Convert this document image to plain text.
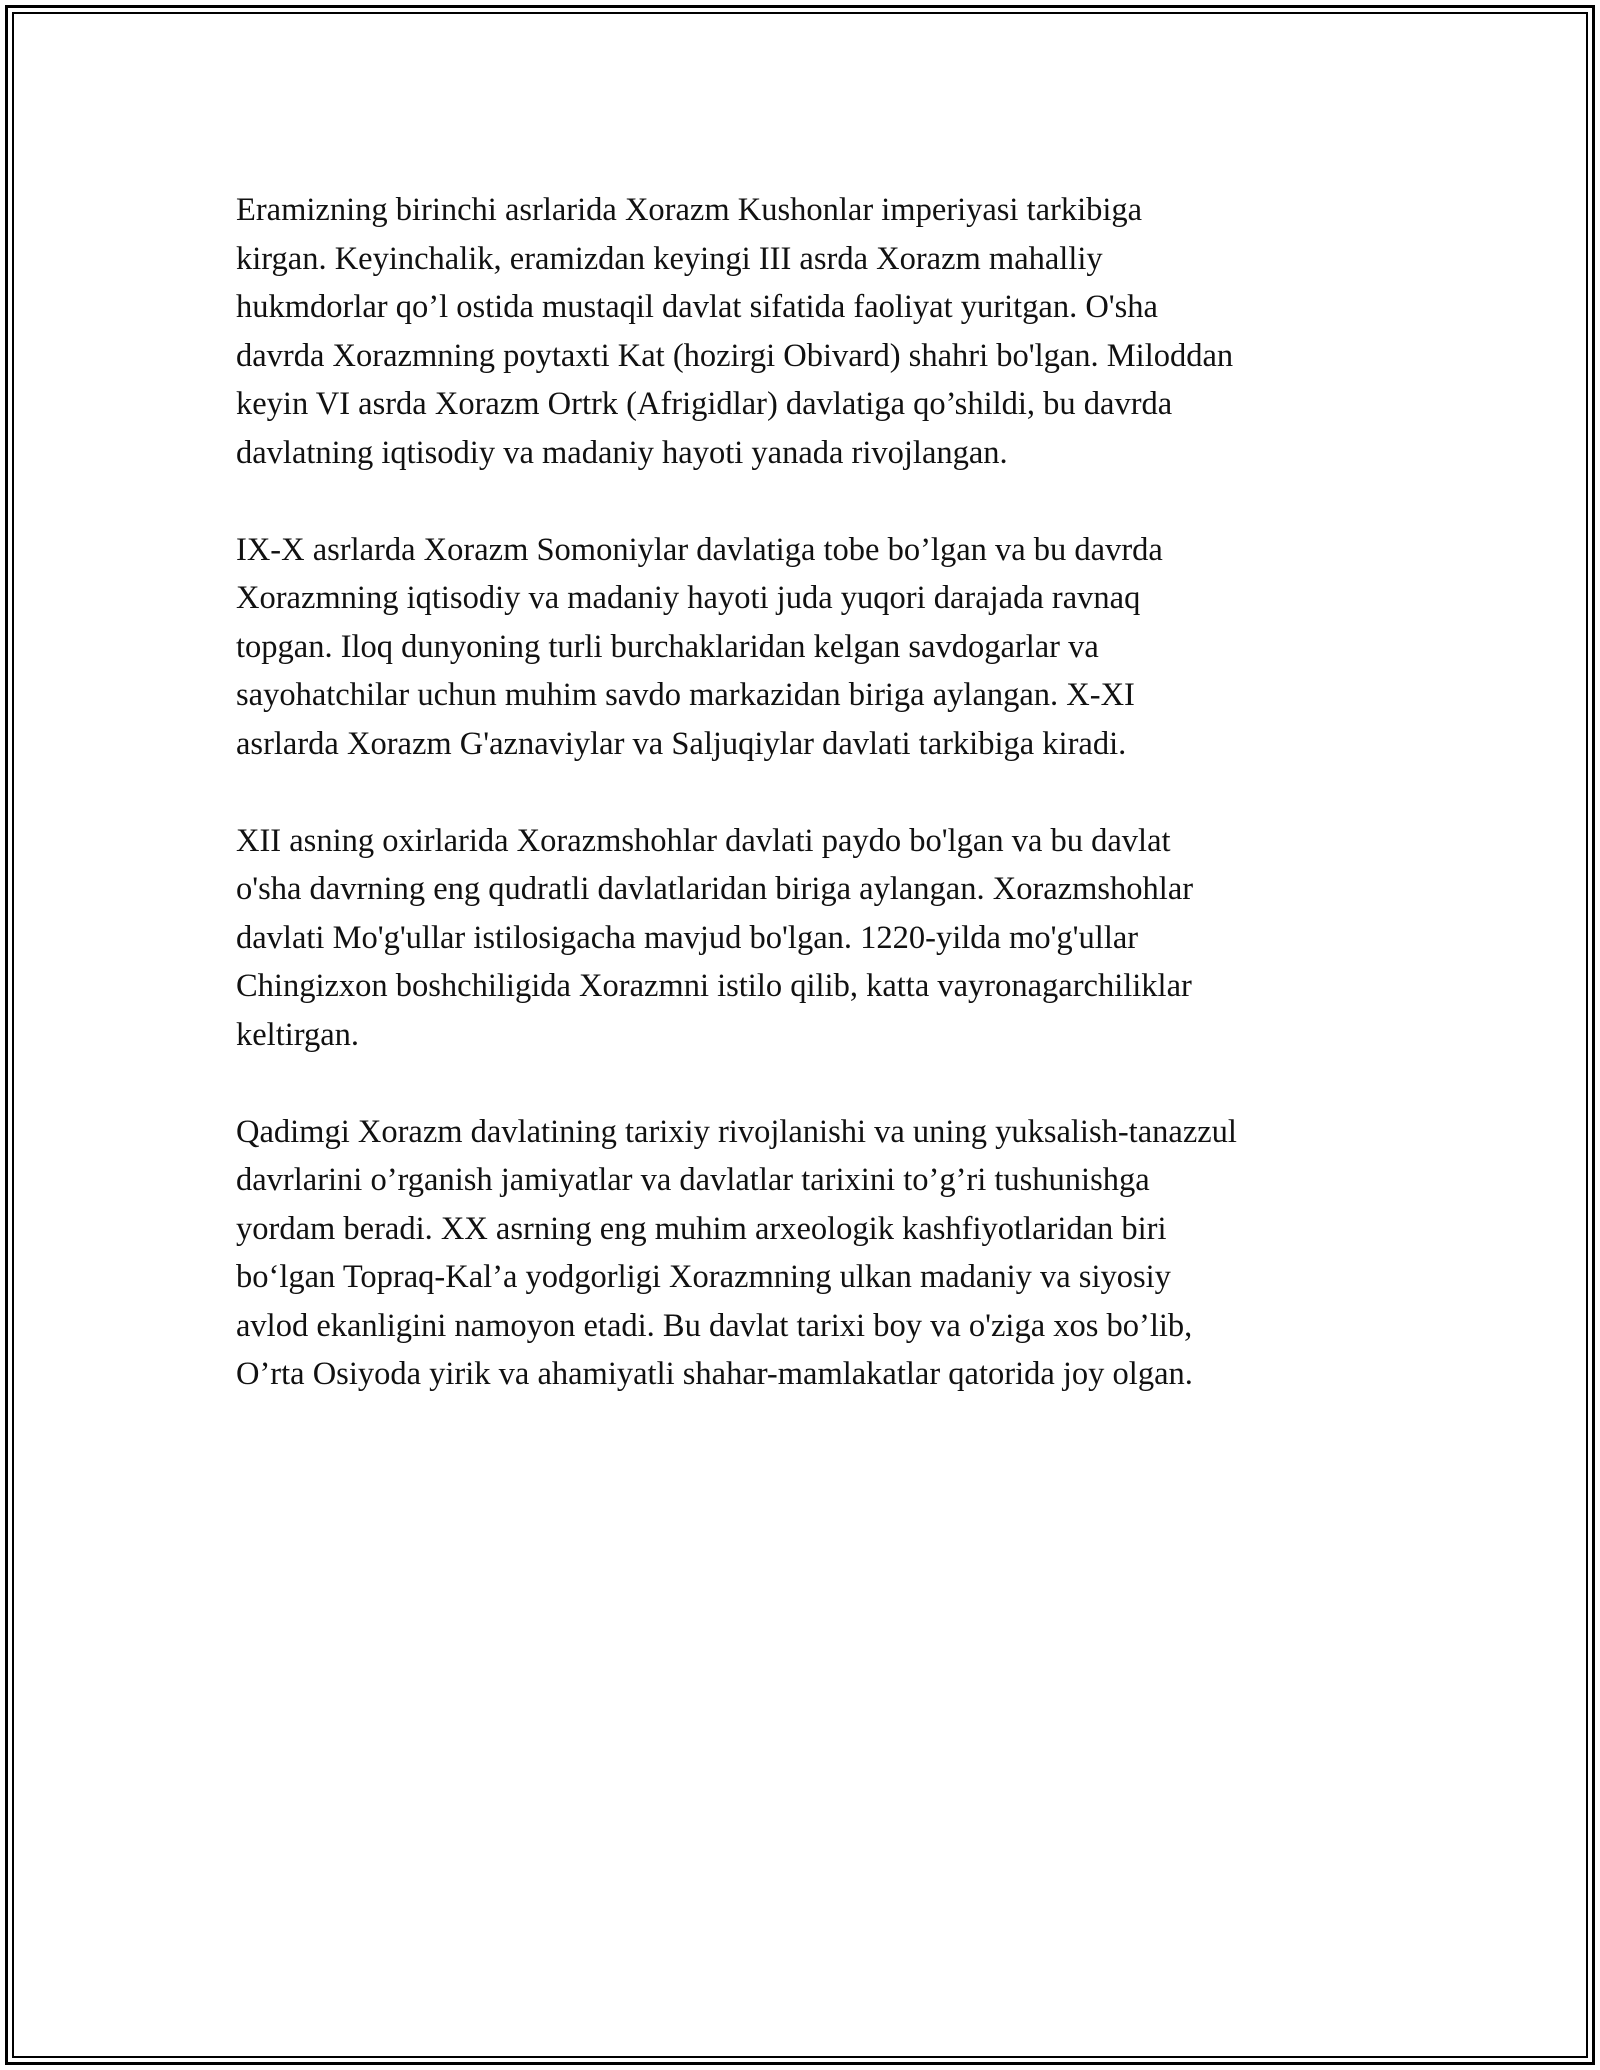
Eramizning birinchi asrlarida Xorazm Kushonlar imperiyasi tarkibiga
kirgan. Keyinchalik, eramizdan keyingi III asrda Xorazm mahalliy
hukmdorlar qo’l ostida mustaqil davlat sifatida faoliyat yuritgan. O'sha
davrda Xorazmning poytaxti Kat (hozirgi Obivard) shahri bo'lgan. Miloddan
keyin VI asrda Xorazm Ortrk (Afrigidlar) davlatiga qo’shildi, bu davrda
davlatning iqtisodiy va madaniy hayoti yanada rivojlangan.

IX-X asrlarda Xorazm Somoniylar davlatiga tobe bo’lgan va bu davrda
Xorazmning iqtisodiy va madaniy hayoti juda yuqori darajada ravnaq
topgan. Iloq dunyoning turli burchaklaridan kelgan savdogarlar va
sayohatchilar uchun muhim savdo markazidan biriga aylangan. X-XI
asrlarda Xorazm G'aznaviylar va Saljuqiylar davlati tarkibiga kiradi.

XII asning oxirlarida Xorazmshohlar davlati paydo bo'lgan va bu davlat
o'sha davrning eng qudratli davlatlaridan biriga aylangan. Xorazmshohlar
davlati Mo'g'ullar istilosigacha mavjud bo'lgan. 1220-yilda mo'g'ullar
Chingizxon boshchiligida Xorazmni istilo qilib, katta vayronagarchiliklar
keltirgan.

Qadimgi Xorazm davlatining tarixiy rivojlanishi va uning yuksalish-tanazzul
davrlarini o’rganish jamiyatlar va davlatlar tarixini to’g’ri tushunishga
yordam beradi. XX asrning eng muhim arxeologik kashfiyotlaridan biri
bo‘lgan Topraq-Kal’a yodgorligi Xorazmning ulkan madaniy va siyosiy
avlod ekanligini namoyon etadi. Bu davlat tarixi boy va o'ziga xos bo’lib,
O’rta Osiyoda yirik va ahamiyatli shahar-mamlakatlar qatorida joy olgan.
